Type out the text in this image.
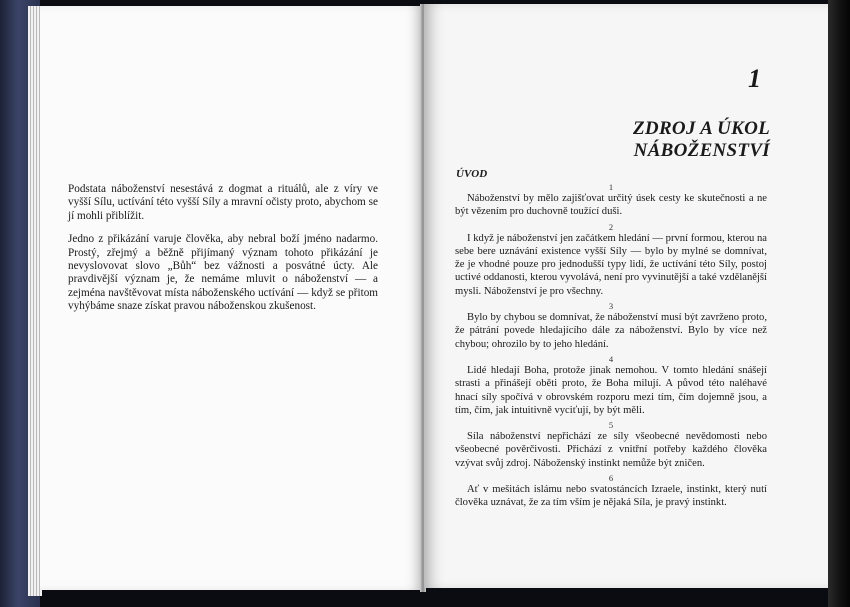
Podstata náboženství nesestává z dogmat a rituálů, ale z víry ve vyšší Sílu, uctívání této vyšší Síly a mravní očisty proto, abychom se jí mohli přiblížit.

Jedno z přikázání varuje člověka, aby nebral boží jméno nadarmo. Prostý, zřejmý a běžně přijímaný význam tohoto přikázání je nevyslovovat slovo „Bůh“ bez vážnosti a posvátné úcty. Ale pravdivější význam je, že nemáme mluvit o náboženství — a zejména navštěvovat místa náboženského uctívání — když se přitom vyhýbáme snaze získat pravou náboženskou zkušenost.

1
ZDROJ A ÚKOL NÁBOŽENSTVÍ
ÚVOD
1
Náboženství by mělo zajišťovat určitý úsek cesty ke skutečnosti a ne být vězením pro duchovně toužící duši.
2
I když je náboženství jen začátkem hledání — první formou, kterou na sebe bere uznávání existence vyšší Síly — bylo by mylné se domnívat, že je vhodné pouze pro jednodušší typy lidí, že uctívání této Síly, postoj uctivé oddanosti, kterou vyvolává, není pro vyvinutější a také vzdělanější mysli. Náboženství je pro všechny.
3
Bylo by chybou se domnívat, že náboženství musí být zavrženo proto, že pátrání povede hledajícího dále za náboženství. Bylo by více než chybou; ohrozilo by to jeho hledání.
4
Lidé hledají Boha, protože jinak nemohou. V tomto hledání snášejí strasti a přinášejí oběti proto, že Boha milují. A původ této naléhavé hnací síly spočívá v obrovském rozporu mezi tím, čím dojemně jsou, a tím, čím, jak intuitivně vyciťují, by být měli.
5
Síla náboženství nepřichází ze síly všeobecné nevědomosti nebo všeobecné pověrčivosti. Přichází z vnitřní potřeby každého člověka vzývat svůj zdroj. Náboženský instinkt nemůže být zničen.
6
Ať v mešitách islámu nebo svatostáncích Izraele, instinkt, který nutí člověka uznávat, že za tím vším je nějaká Síla, je pravý instinkt.
